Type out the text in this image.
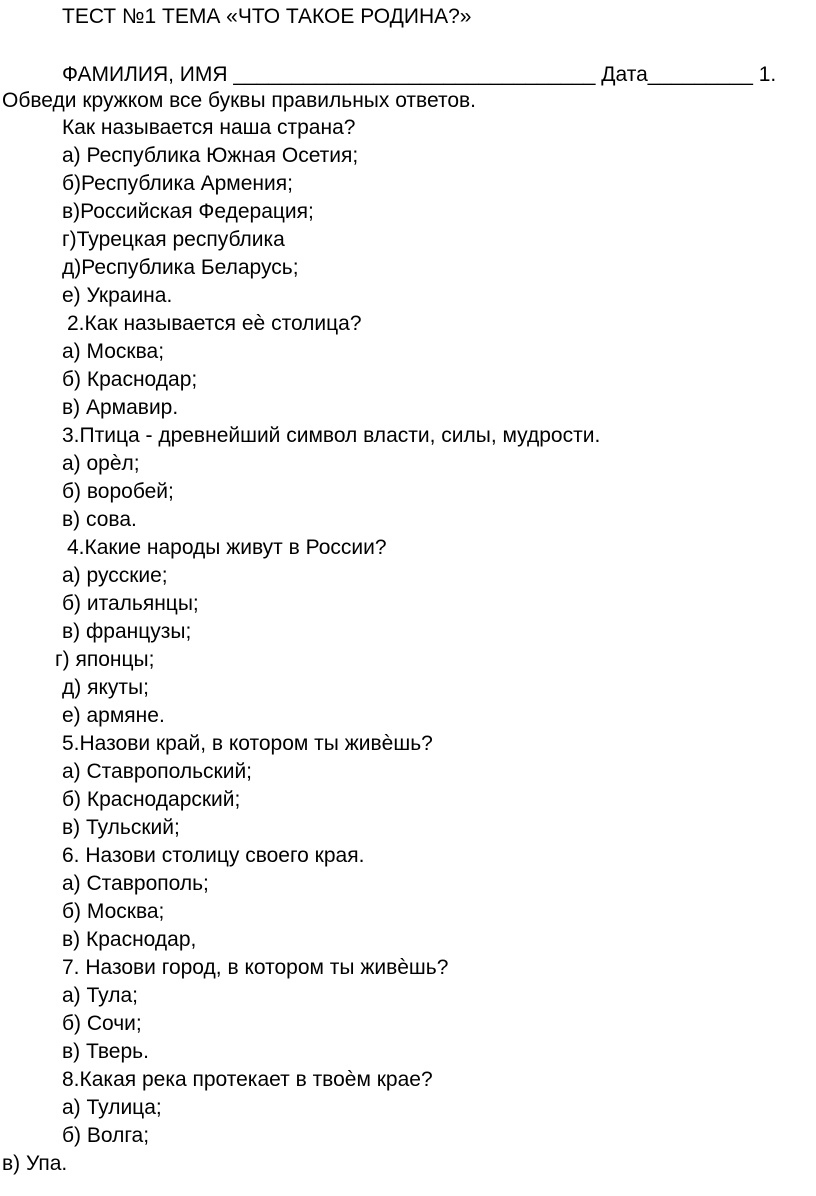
ТЕСТ №1 ТЕМА «ЧТО ТАКОЕ РОДИНА?»
ФАМИЛИЯ, ИМЯ _______________________________ Дата_________ 1.
Обведи кружком все буквы правильных ответов.
Как называется наша страна?
а) Республика Южная Осетия;
б)Республика Армения;
в)Российская Федерация;
г)Турецкая республика
д)Республика Беларусь;
е) Украина.
2.Как называется еѐ столица?
а) Москва;
б) Краснодар;
в) Армавир.
3.Птица - древнейший символ власти, силы, мудрости.
а) орѐл;
б) воробей;
в) сова.
4.Какие народы живут в России?
а) русские;
б) итальянцы;
в) французы;
г) японцы;
д) якуты;
е) армяне.
5.Назови край, в котором ты живѐшь?
а) Ставропольский;
б) Краснодарский;
в) Тульский;
6. Назови столицу своего края.
а) Ставрополь;
б) Москва;
в) Краснодар,
7. Назови город, в котором ты живѐшь?
а) Тула;
б) Сочи;
в) Тверь.
8.Какая река протекает в твоѐм крае?
а) Тулица;
б) Волга;
в) Упа.
